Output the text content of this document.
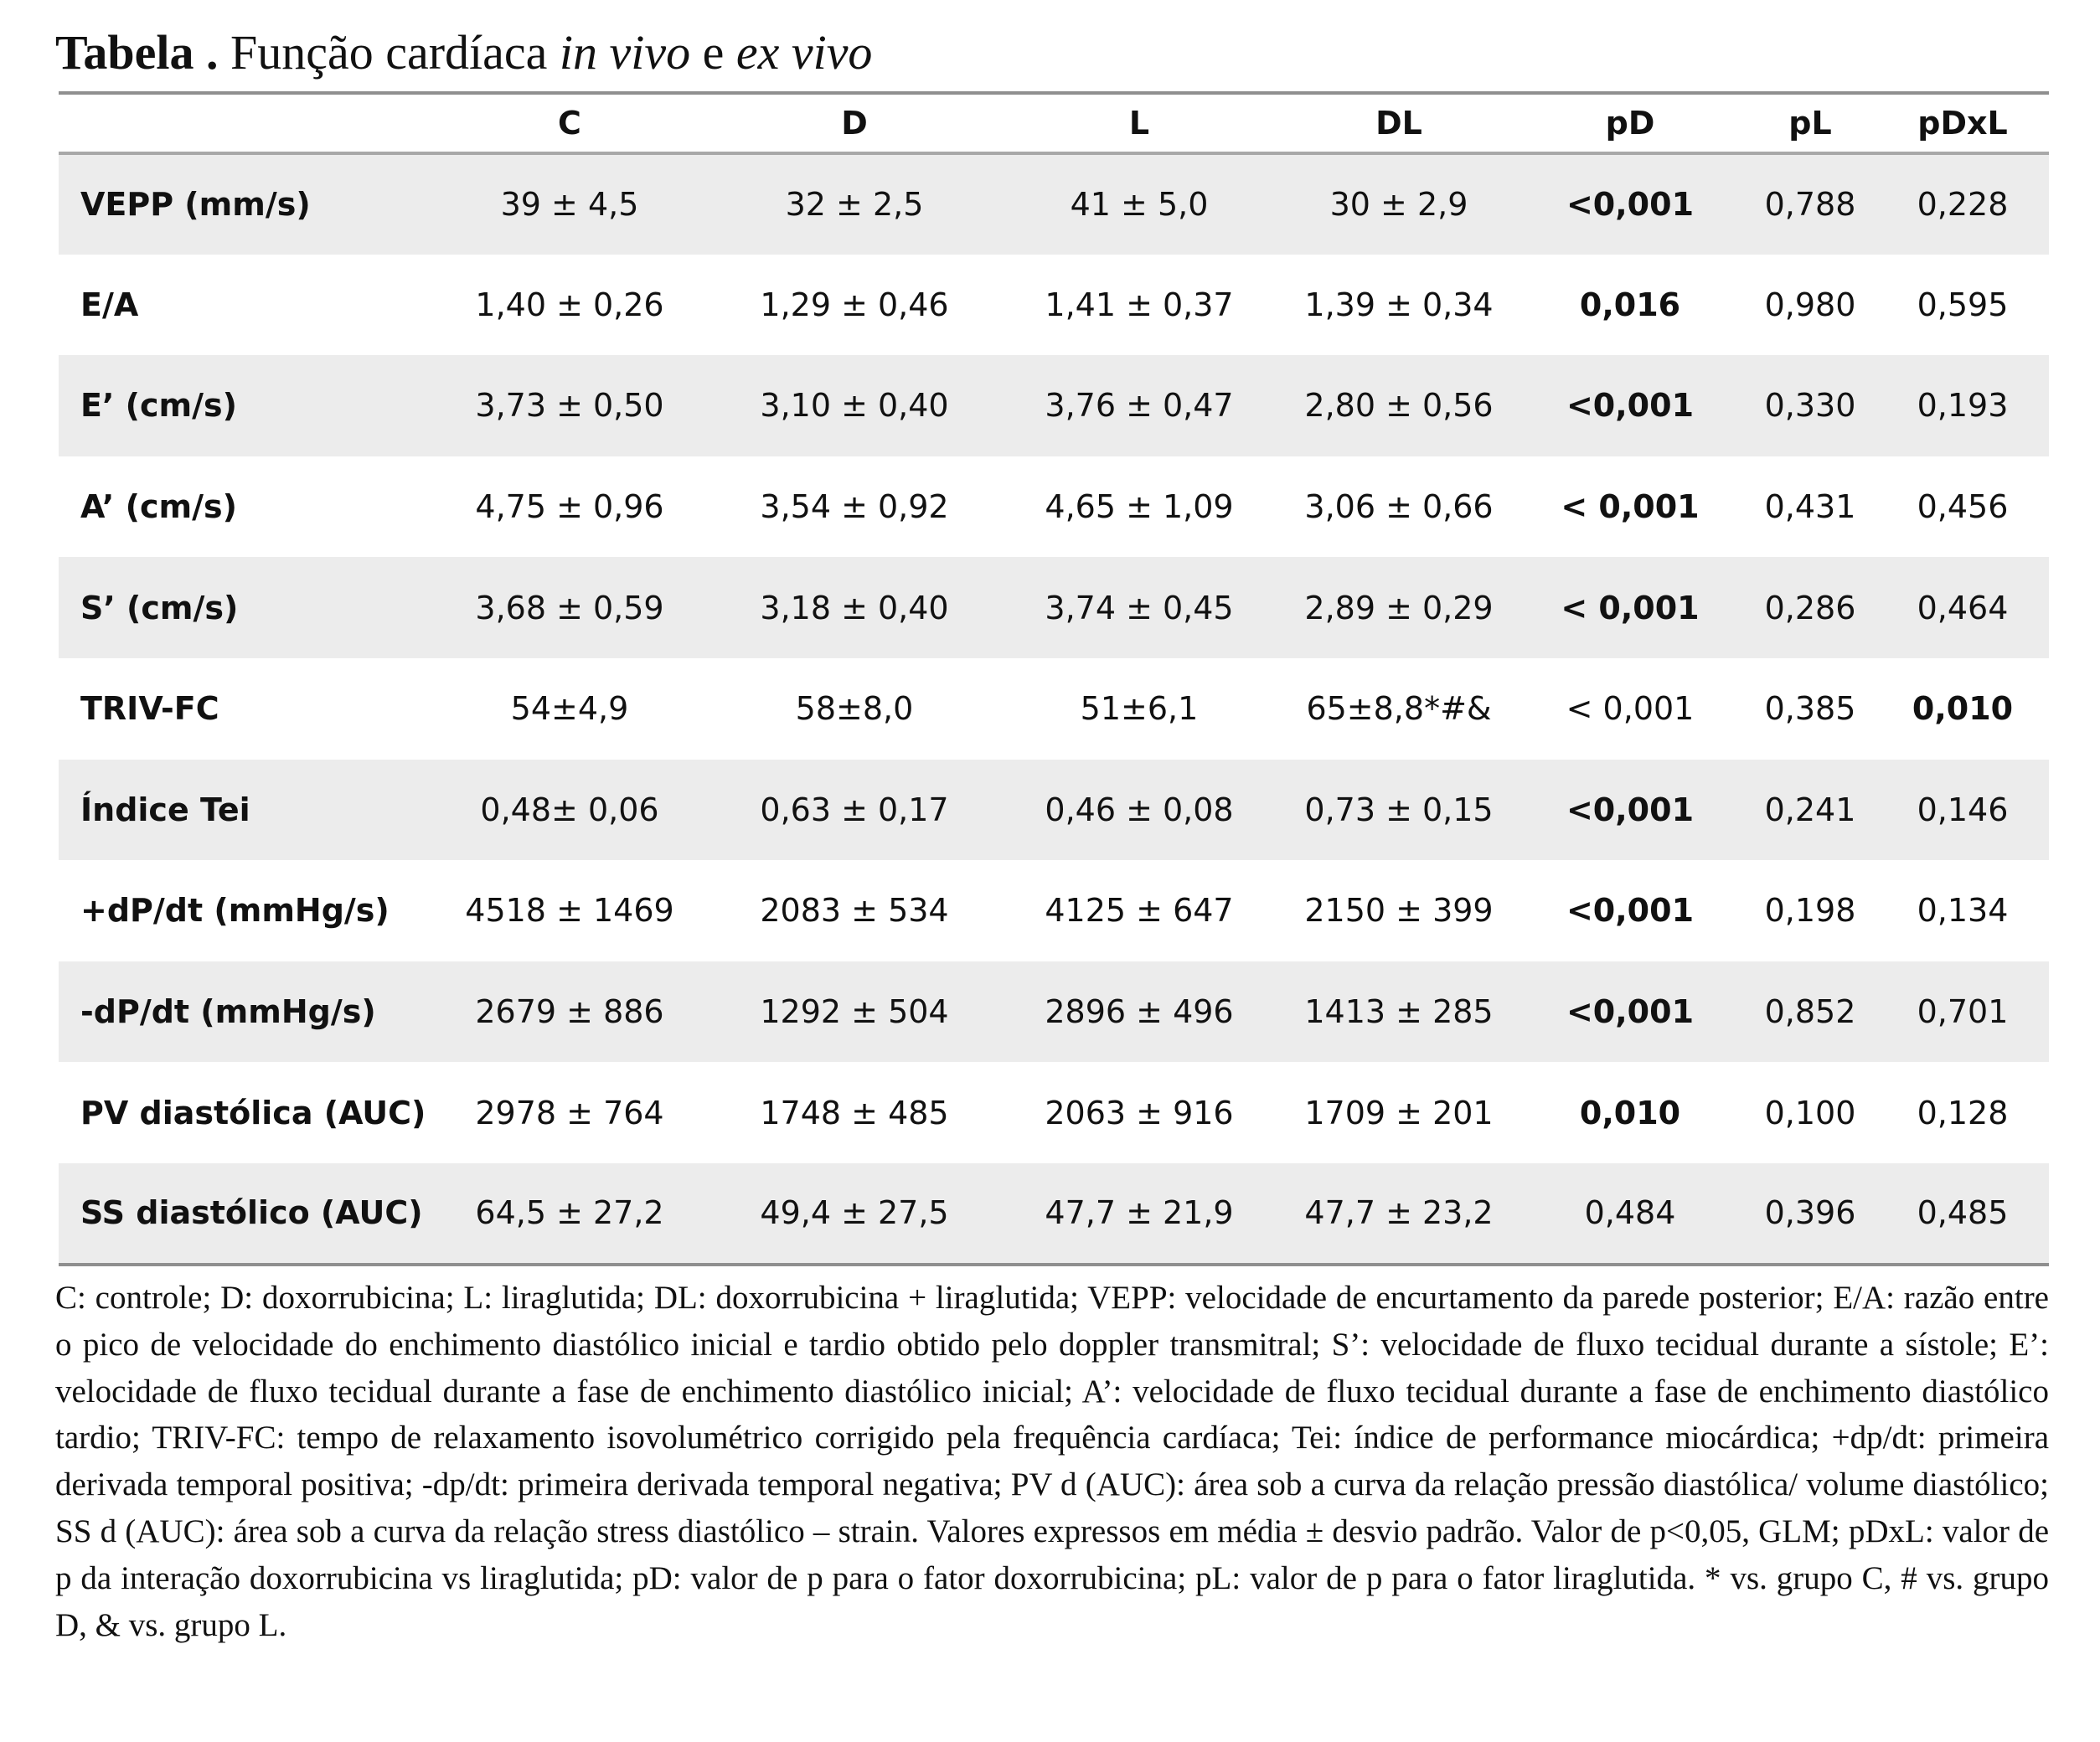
Tabela . Função cardíaca in vivo e ex vivo
	C	D	L	DL	pD	pL	pDxL
VEPP (mm/s)	39 ± 4,5	32 ± 2,5	41 ± 5,0	30 ± 2,9	<0,001	0,788	0,228
E/A	1,40 ± 0,26	1,29 ± 0,46	1,41 ± 0,37	1,39 ± 0,34	0,016	0,980	0,595
E’ (cm/s)	3,73 ± 0,50	3,10 ± 0,40	3,76 ± 0,47	2,80 ± 0,56	<0,001	0,330	0,193
A’ (cm/s)	4,75 ± 0,96	3,54 ± 0,92	4,65 ± 1,09	3,06 ± 0,66	< 0,001	0,431	0,456
S’ (cm/s)	3,68 ± 0,59	3,18 ± 0,40	3,74 ± 0,45	2,89 ± 0,29	< 0,001	0,286	0,464
TRIV-FC	54±4,9	58±8,0	51±6,1	65±8,8*#&	< 0,001	0,385	0,010
Índice Tei	0,48± 0,06	0,63 ± 0,17	0,46 ± 0,08	0,73 ± 0,15	<0,001	0,241	0,146
+dP/dt (mmHg/s)	4518 ± 1469	2083 ± 534	4125 ± 647	2150 ± 399	<0,001	0,198	0,134
-dP/dt (mmHg/s)	2679 ± 886	1292 ± 504	2896 ± 496	1413 ± 285	<0,001	0,852	0,701
PV diastólica (AUC)	2978 ± 764	1748 ± 485	2063 ± 916	1709 ± 201	0,010	0,100	0,128
SS diastólico (AUC)	64,5 ± 27,2	49,4 ± 27,5	47,7 ± 21,9	47,7 ± 23,2	0,484	0,396	0,485
C: controle; D: doxorrubicina; L: liraglutida; DL: doxorrubicina + liraglutida; VEPP: velocidade de encurtamento da parede posterior; E/A: razão entre o pico de velocidade do enchimento diastólico inicial e tardio obtido pelo doppler transmitral; S’: velocidade de fluxo tecidual durante a sístole; E’: velocidade de fluxo tecidual durante a fase de enchimento diastólico inicial; A’: velocidade de fluxo tecidual durante a fase de enchimento diastólico tardio; TRIV-FC: tempo de relaxamento isovolumétrico corrigido pela frequência cardíaca; Tei: índice de performance miocárdica; +dp/dt: primeira derivada temporal positiva; -dp/dt: primeira derivada temporal negativa; PV d (AUC): área sob a curva da relação pressão diastólica/ volume diastólico; SS d (AUC): área sob a curva da relação stress diastólico – strain. Valores expressos em média ± desvio padrão. Valor de p<0,05, GLM; pDxL: valor de p da interação doxorrubicina vs liraglutida; pD: valor de p para o fator doxorrubicina; pL: valor de p para o fator liraglutida. * vs. grupo C, # vs. grupo D, & vs. grupo L.
